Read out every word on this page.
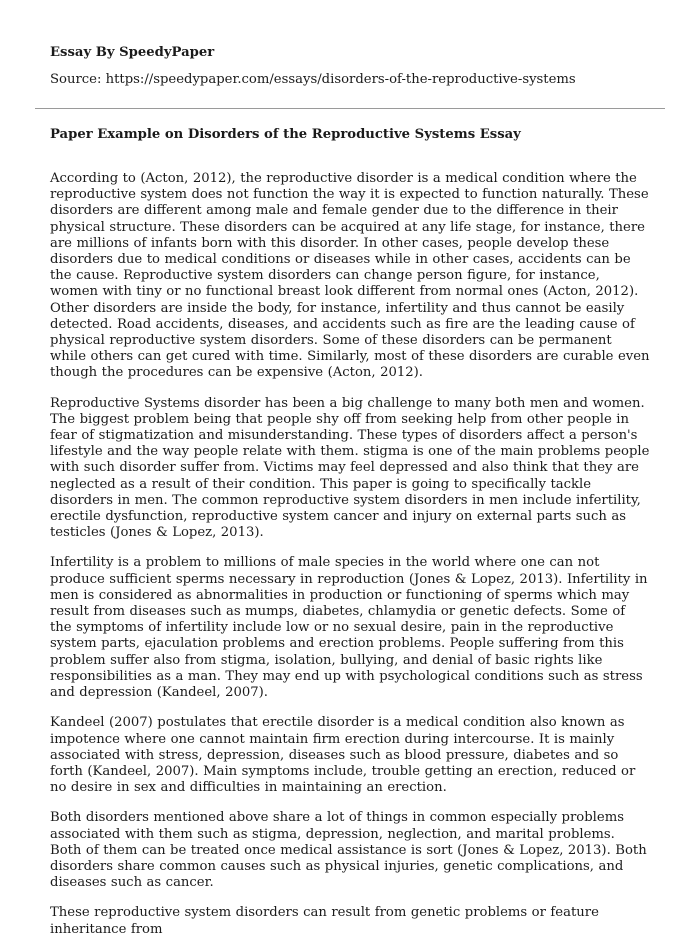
Essay By SpeedyPaper

Source: https://speedypaper.com/essays/disorders-of-the-reproductive-systems

Paper Example on Disorders of the Reproductive Systems Essay

According to (Acton, 2012), the reproductive disorder is a medical condition where the reproductive system does not function the way it is expected to function naturally. These disorders are different among male and female gender due to the difference in their physical structure. These disorders can be acquired at any life stage, for instance, there are millions of infants born with this disorder. In other cases, people develop these disorders due to medical conditions or diseases while in other cases, accidents can be the cause. Reproductive system disorders can change person figure, for instance, women with tiny or no functional breast look different from normal ones (Acton, 2012). Other disorders are inside the body, for instance, infertility and thus cannot be easily detected. Road accidents, diseases, and accidents such as fire are the leading cause of physical reproductive system disorders. Some of these disorders can be permanent while others can get cured with time. Similarly, most of these disorders are curable even though the procedures can be expensive (Acton, 2012).

Reproductive Systems disorder has been a big challenge to many both men and women. The biggest problem being that people shy off from seeking help from other people in fear of stigmatization and misunderstanding. These types of disorders affect a person's lifestyle and the way people relate with them. stigma is one of the main problems people with such disorder suffer from. Victims may feel depressed and also think that they are neglected as a result of their condition. This paper is going to specifically tackle disorders in men. The common reproductive system disorders in men include infertility, erectile dysfunction, reproductive system cancer and injury on external parts such as testicles (Jones & Lopez, 2013).

Infertility is a problem to millions of male species in the world where one can not produce sufficient sperms necessary in reproduction (Jones & Lopez, 2013). Infertility in men is considered as abnormalities in production or functioning of sperms which may result from diseases such as mumps, diabetes, chlamydia or genetic defects. Some of the symptoms of infertility include low or no sexual desire, pain in the reproductive system parts, ejaculation problems and erection problems. People suffering from this problem suffer also from stigma, isolation, bullying, and denial of basic rights like responsibilities as a man. They may end up with psychological conditions such as stress and depression (Kandeel, 2007).

Kandeel (2007) postulates that erectile disorder is a medical condition also known as impotence where one cannot maintain firm erection during intercourse. It is mainly associated with stress, depression, diseases such as blood pressure, diabetes and so forth (Kandeel, 2007). Main symptoms include, trouble getting an erection, reduced or no desire in sex and difficulties in maintaining an erection.

Both disorders mentioned above share a lot of things in common especially problems associated with them such as stigma, depression, neglection, and marital problems. Both of them can be treated once medical assistance is sort (Jones & Lopez, 2013). Both disorders share common causes such as physical injuries, genetic complications, and diseases such as cancer.

These reproductive system disorders can result from genetic problems or feature inheritance from
